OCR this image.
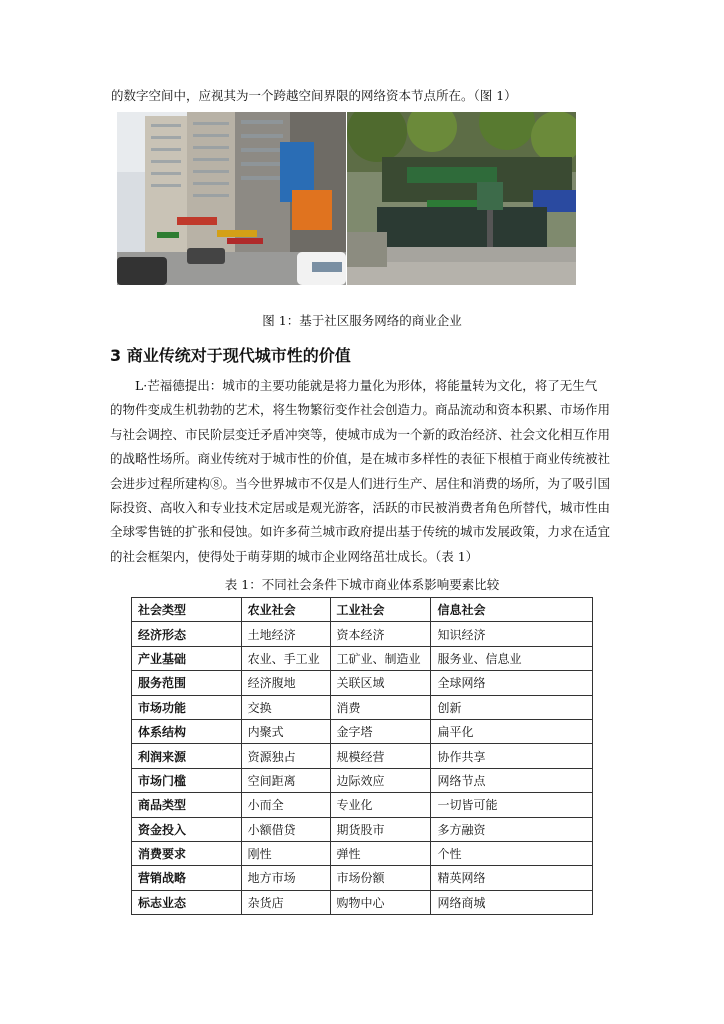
的数字空间中，应视其为一个跨越空间界限的网络资本节点所在。（图 1）
图 1：基于社区服务网络的商业企业
3 商业传统对于现代城市性的价值
　　L·芒福德提出：城市的主要功能就是将力量化为形体，将能量转为文化，将了无生气
的物件变成生机勃勃的艺术，将生物繁衍变作社会创造力。商品流动和资本积累、市场作用
与社会调控、市民阶层变迁矛盾冲突等，使城市成为一个新的政治经济、社会文化相互作用
的战略性场所。商业传统对于城市性的价值，是在城市多样性的表征下根植于商业传统被社
会进步过程所建构⑧。当今世界城市不仅是人们进行生产、居住和消费的场所，为了吸引国
际投资、高收入和专业技术定居或是观光游客，活跃的市民被消费者角色所替代，城市性由
全球零售链的扩张和侵蚀。如许多荷兰城市政府提出基于传统的城市发展政策，力求在适宜
的社会框架内，使得处于萌芽期的城市企业网络茁壮成长。（表 1）
表 1：不同社会条件下城市商业体系影响要素比较
社会类型	农业社会	工业社会	信息社会
经济形态	土地经济	资本经济	知识经济
产业基础	农业、手工业	工矿业、制造业	服务业、信息业
服务范围	经济腹地	关联区域	全球网络
市场功能	交换	消费	创新
体系结构	内聚式	金字塔	扁平化
利润来源	资源独占	规模经营	协作共享
市场门槛	空间距离	边际效应	网络节点
商品类型	小而全	专业化	一切皆可能
资金投入	小额借贷	期货股市	多方融资
消费要求	刚性	弹性	个性
营销战略	地方市场	市场份额	精英网络
标志业态	杂货店	购物中心	网络商城
